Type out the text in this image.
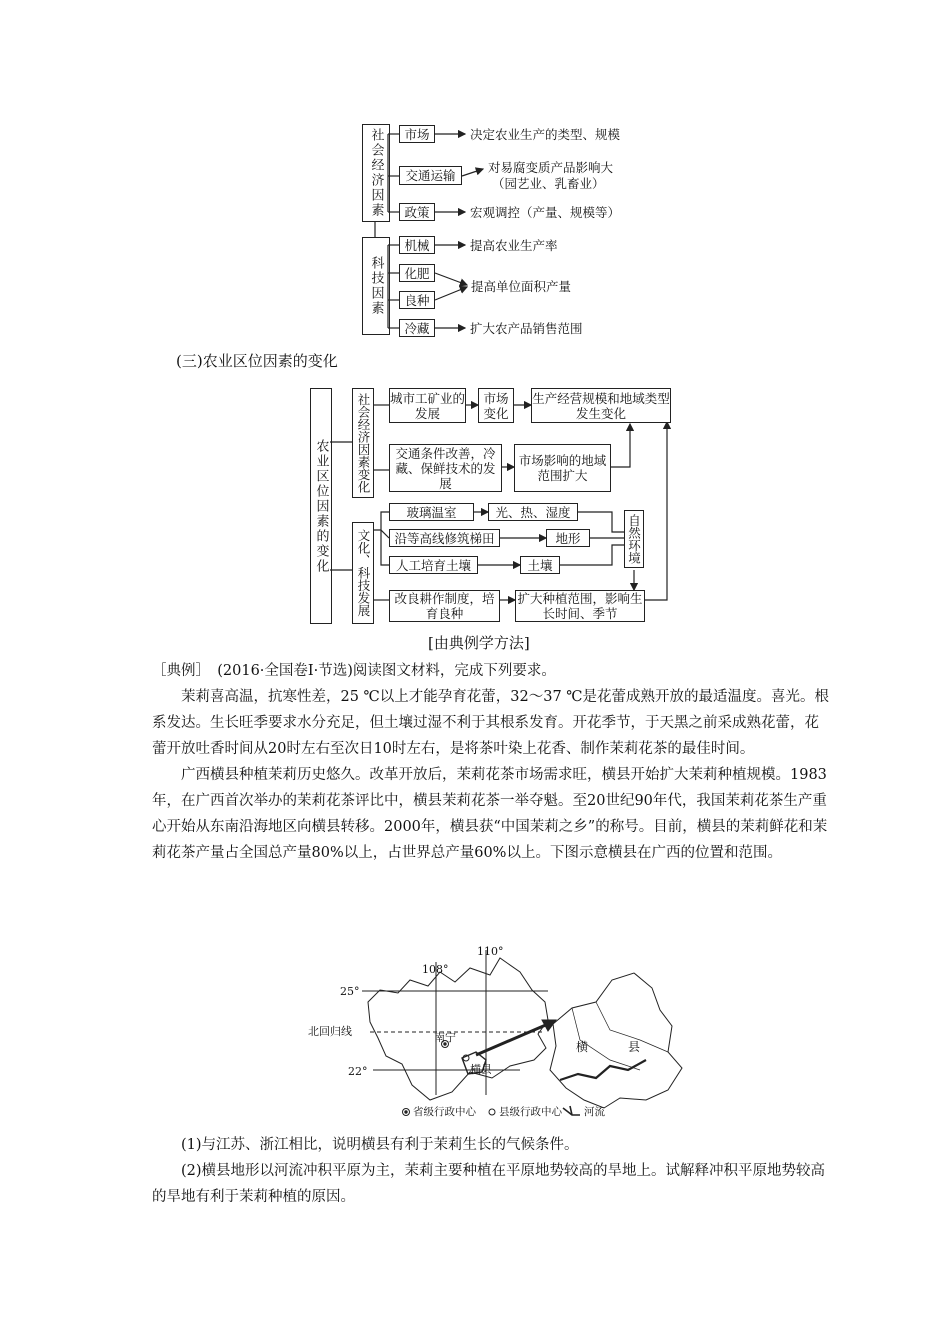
社会经济因素
科技因素
市场
交通运输
政策
机械
化肥
良种
冷藏
决定农业生产的类型、规模
对易腐变质产品影响大
（园艺业、乳畜业）
宏观调控（产量、规模等）
提高农业生产率
提高单位面积产量
扩大农产品销售范围
(三)农业区位因素的变化
农业区位因素的变化	社会经济因素变化
文化、科技发展
城市工矿业的发展
市场变化
生产经营规模和地域类型发生变化
交通条件改善，冷藏、保鲜技术的发展
市场影响的地域范围扩大
玻璃温室	光、热、湿度
沿等高线修筑梯田	地形
人工培育土壤	土壤
自然环境
改良耕作制度，培育良种
扩大种植范围，影响生长时间、季节
[由典例学方法]

［典例］　(2016·全国卷Ⅰ·节选)阅读图文材料，完成下列要求。

茉莉喜高温，抗寒性差，25 ℃以上才能孕育花蕾，32～37 ℃是花蕾成熟开放的最适温度。喜光。根系发达。生长旺季要求水分充足，但土壤过湿不利于其根系发育。开花季节，于天黑之前采成熟花蕾，花蕾开放吐香时间从20时左右至次日10时左右，是将茶叶染上花香、制作茉莉花茶的最佳时间。

广西横县种植茉莉历史悠久。改革开放后，茉莉花茶市场需求旺，横县开始扩大茉莉种植规模。1983年，在广西首次举办的茉莉花茶评比中，横县茉莉花茶一举夺魁。至20世纪90年代，我国茉莉花茶生产重心开始从东南沿海地区向横县转移。2000年，横县获“中国茉莉之乡”的称号。目前，横县的茉莉鲜花和茉莉花茶产量占全国总产量80%以上，占世界总产量60%以上。下图示意横县在广西的位置和范围。

110°
108°
25°
北回归线
22°
南宁
横县
横	县
省级行政中心 县级行政中心 河流

(1)与江苏、浙江相比，说明横县有利于茉莉生长的气候条件。

(2)横县地形以河流冲积平原为主，茉莉主要种植在平原地势较高的旱地上。试解释冲积平原地势较高的旱地有利于茉莉种植的原因。
